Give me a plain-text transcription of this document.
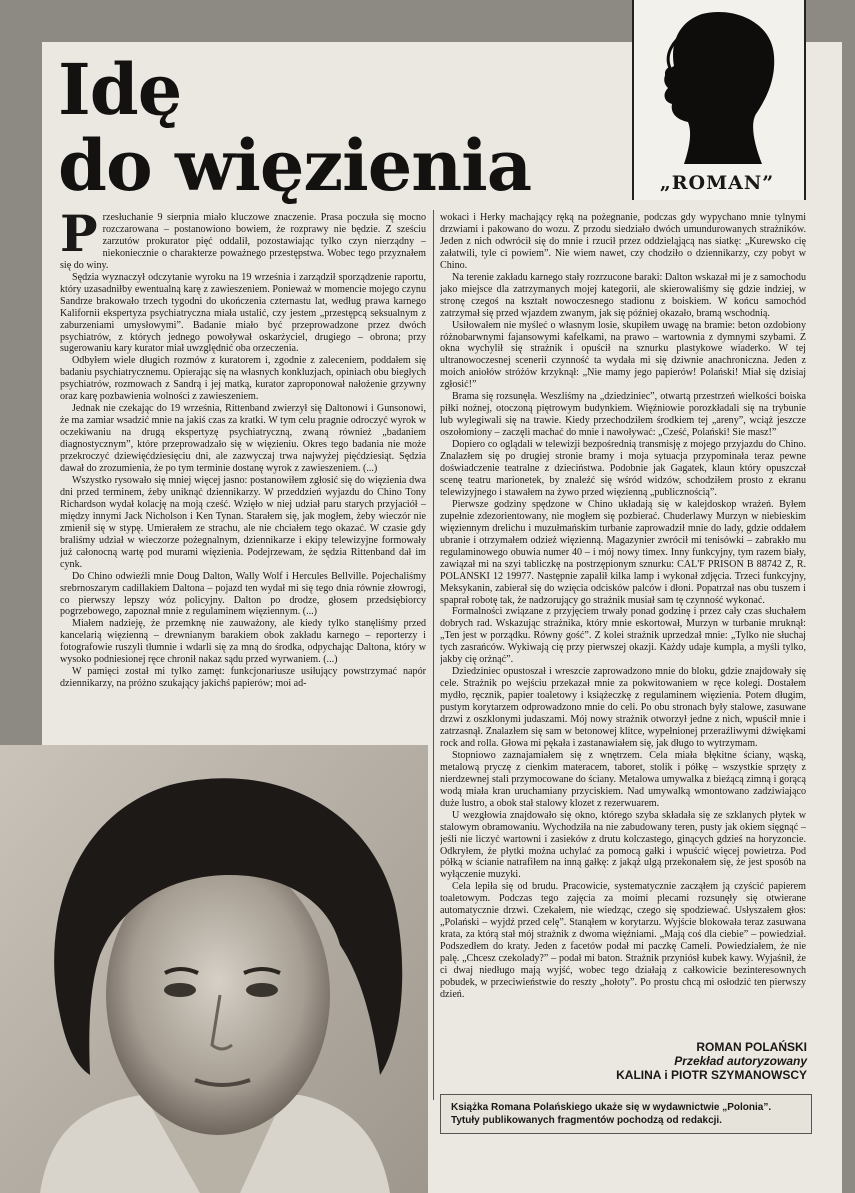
Idę
do więzienia	„ROMAN”
P rzesłuchanie 9 sierpnia miało kluczowe znaczenie. Prasa poczuła się mocno rozczarowana – postanowiono bowiem, że rozprawy nie będzie. Z sześciu zarzutów prokurator pięć oddalił, pozostawiając tylko czyn nierządny – niekoniecznie o charakterze poważnego przestępstwa. Wobec tego przyznałem się do winy.

Sędzia wyznaczył odczytanie wyroku na 19 września i zarządził sporządzenie raportu, który uzasadniłby ewentualną karę z zawieszeniem. Ponieważ w momencie mojego czynu Sandrze brakowało trzech tygodni do ukończenia czternastu lat, według prawa karnego Kalifornii ekspertyza psychiatryczna miała ustalić, czy jestem „przestępcą seksualnym z zaburzeniami umysłowymi”. Badanie miało być przeprowadzone przez dwóch psychiatrów, z których jednego powoływał oskarżyciel, drugiego – obrona; przy sugerowaniu kary kurator miał uwzględnić oba orzeczenia.

Odbyłem wiele długich rozmów z kuratorem i, zgodnie z zaleceniem, poddałem się badaniu psychiatrycznemu. Opierając się na własnych konkluzjach, opiniach obu biegłych psychiatrów, rozmowach z Sandrą i jej matką, kurator zaproponował nałożenie grzywny oraz karę pozbawienia wolności z zawieszeniem.

Jednak nie czekając do 19 września, Rittenband zwierzył się Daltonowi i Gunsonowi, że ma zamiar wsadzić mnie na jakiś czas za kratki. W tym celu pragnie odroczyć wyrok w oczekiwaniu na drugą ekspertyzę psychiatryczną, zwaną również „badaniem diagnostycznym”, które przeprowadzało się w więzieniu. Okres tego badania nie może przekroczyć dziewięćdziesięciu dni, ale zazwyczaj trwa najwyżej pięćdziesiąt. Sędzia dawał do zrozumienia, że po tym terminie dostanę wyrok z zawieszeniem. (...)

Wszystko rysowało się mniej więcej jasno: postanowiłem zgłosić się do więzienia dwa dni przed terminem, żeby uniknąć dziennikarzy. W przeddzień wyjazdu do Chino Tony Richardson wydał kolację na moją cześć. Wzięło w niej udział paru starych przyjaciół – między innymi Jack Nicholson i Ken Tynan. Starałem się, jak mogłem, żeby wieczór nie zmienił się w stypę. Umierałem ze strachu, ale nie chciałem tego okazać. W czasie gdy braliśmy udział w wieczorze pożegnalnym, dziennikarze i ekipy telewizyjne formowały już całonocną wartę pod murami więzienia. Podejrzewam, że sędzia Rittenband dał im cynk.

Do Chino odwieźli mnie Doug Dalton, Wally Wolf i Hercules Bellville. Pojechaliśmy srebrnoszarym cadillakiem Daltona – pojazd ten wydał mi się tego dnia równie złowrogi, co pierwszy lepszy wóz policyjny. Dalton po drodze, głosem przedsiębiorcy pogrzebowego, zapoznał mnie z regulaminem więziennym. (...)

Miałem nadzieję, że przemknę nie zauważony, ale kiedy tylko stanęliśmy przed kancelarią więzienną – drewnianym barakiem obok zakładu karnego – reporterzy i fotografowie ruszyli tłumnie i wdarli się za mną do środka, odpychając Daltona, który w wysoko podniesionej ręce chronił nakaz sądu przed wyrwaniem. (...)

W pamięci został mi tylko zamęt: funkcjonariusze usiłujący powstrzymać napór dziennikarzy, na próżno szukający jakichś papierów; moi ad-

wokaci i Herky machający ręką na pożegnanie, podczas gdy wypychano mnie tylnymi drzwiami i pakowano do wozu. Z przodu siedziało dwóch umundurowanych strażników. Jeden z nich odwrócił się do mnie i rzucił przez oddzieląjącą nas siatkę: „Kurewsko cię załatwili, tyle ci powiem”. Nie wiem nawet, czy chodziło o dziennikarzy, czy pobyt w Chino.

Na terenie zakładu karnego stały rozrzucone baraki: Dalton wskazał mi je z samochodu jako miejsce dla zatrzymanych mojej kategorii, ale skierowaliśmy się gdzie indziej, w stronę czegoś na kształt nowoczesnego stadionu z boiskiem. W końcu samochód zatrzymał się przed wjazdem zwanym, jak się później okazało, bramą wschodnią.

Usiłowałem nie myśleć o własnym losie, skupiłem uwagę na bramie: beton ozdobiony różnobarwnymi fajansowymi kafelkami, na prawo – wartownia z dymnymi szybami. Z okna wychylił się strażnik i opuścił na sznurku plastykowe wiaderko. W tej ultranowoczesnej scenerii czynność ta wydała mi się dziwnie anachroniczna. Jeden z moich aniołów stróżów krzyknął: „Nie mamy jego papierów! Polański! Miał się dzisiaj zgłosić!”

Brama się rozsunęła. Weszliśmy na „dziedziniec”, otwartą przestrzeń wielkości boiska piłki nożnej, otoczoną piętrowym budynkiem. Więźniowie porozkładali się na trybunie lub wylegiwali się na trawie. Kiedy przechodziłem środkiem tej „areny”, wciąż jeszcze oszołomiony – zaczęli machać do mnie i nawoływać: „Cześć, Polański! Sie masz!”

Dopiero co oglądali w telewizji bezpośrednią transmisję z mojego przyjazdu do Chino. Znalazłem się po drugiej stronie bramy i moja sytuacja przypominała teraz pewne doświadczenie teatralne z dzieciństwa. Podobnie jak Gagatek, klaun który opuszczał scenę teatru marionetek, by znaleźć się wśród widzów, schodziłem prosto z ekranu telewizyjnego i stawałem na żywo przed więzienną „publicznością”.

Pierwsze godziny spędzone w Chino układają się w kalejdoskop wrażeń. Byłem zupełnie zdezorientowany, nie mogłem się pozbierać. Chuderlawy Murzyn w niebieskim więziennym drelichu i muzułmańskim turbanie zaprowadził mnie do lady, gdzie oddałem ubranie i otrzymałem odzież więzienną. Magazynier zwrócił mi tenisówki – zabrakło mu regulaminowego obuwia numer 40 – i mój nowy timex. Inny funkcyjny, tym razem biały, zawiązał mi na szyi tabliczkę na postrzępionym sznurku: CAL'F PRISON B 88742 Z, R. POLANSKI 12 19977. Następnie zapalił kilka lamp i wykonał zdjęcia. Trzeci funkcyjny, Meksykanin, zabierał się do wzięcia odcisków palców i dłoni. Popatrzał nas obu tuszem i spaprał robotę tak, że nadzorujący go strażnik musiał sam tę czynność wykonać.

Formalności związane z przyjęciem trwały ponad godzinę i przez cały czas słuchałem dobrych rad. Wskazując strażnika, który mnie eskortował, Murzyn w turbanie mruknął: „Ten jest w porządku. Równy gość”. Z kolei strażnik uprzedzał mnie: „Tylko nie słuchaj tych zasrańców. Wykiwają cię przy pierwszej okazji. Każdy udaje kumpla, a myśli tylko, jakby cię orżnąć”.

Dziedziniec opustoszał i wreszcie zaprowadzono mnie do bloku, gdzie znajdowały się cele. Strażnik po wejściu przekazał mnie za pokwitowaniem w ręce kolegi. Dostałem mydło, ręcznik, papier toaletowy i książeczkę z regulaminem więzienia. Potem długim, pustym korytarzem odprowadzono mnie do celi. Po obu stronach były stalowe, zasuwane drzwi z oszklonymi judaszami. Mój nowy strażnik otworzył jedne z nich, wpuścił mnie i zatrzasnął. Znalazłem się sam w betonowej klitce, wypełnionej przeraźliwymi dźwiękami rock and rolla. Głowa mi pękała i zastanawiałem się, jak długo to wytrzymam.

Stopniowo zaznajamiałem się z wnętrzem. Cela miała błękitne ściany, wąską, metalową pryczę z cienkim materacem, taboret, stolik i półkę – wszystkie sprzęty z nierdzewnej stali przymocowane do ściany. Metalowa umywalka z bieżącą zimną i gorącą wodą miała kran uruchamiany przyciskiem. Nad umywalką wmontowano zadziwiająco duże lustro, a obok stał stalowy klozet z rezerwuarem.

U wezgłowia znajdowało się okno, którego szyba składała się ze szklanych płytek w stalowym obramowaniu. Wychodziła na nie zabudowany teren, pusty jak okiem sięgnąć – jeśli nie liczyć wartowni i zasieków z drutu kolczastego, ginących gdzieś na horyzoncie. Odkryłem, że płytki można uchylać za pomocą gałki i wpuścić więcej powietrza. Pod półką w ścianie natrafiłem na inną gałkę: z jakąż ulgą przekonałem się, że jest sposób na wyłączenie muzyki.

Cela lepiła się od brudu. Pracowicie, systematycznie zacząłem ją czyścić papierem toaletowym. Podczas tego zajęcia za moimi plecami rozsunęły się otwierane automatycznie drzwi. Czekałem, nie wiedząc, czego się spodziewać. Usłyszałem głos: „Polański – wyjdź przed celę”. Stanąłem w korytarzu. Wyjście blokowała teraz zasuwana krata, za którą stał mój strażnik z dwoma więźniami. „Mają coś dla ciebie” – powiedział. Podszedłem do kraty. Jeden z facetów podał mi paczkę Cameli. Powiedziałem, że nie palę. „Chcesz czekolady?” – podał mi baton. Strażnik przyniósł kubek kawy. Wyjaśnił, że ci dwaj niedługo mają wyjść, wobec tego działają z całkowicie bezinteresownych pobudek, w przeciwieństwie do reszty „hołoty”. Po prostu chcą mi osłodzić ten pierwszy dzień.

ROMAN POLAŃSKI
Przekład autoryzowany
KALINA i PIOTR SZYMANOWSCY
Książka Romana Polańskiego ukaże się w wydawnictwie „Polonia”. Tytuły publikowanych fragmentów pochodzą od redakcji.
